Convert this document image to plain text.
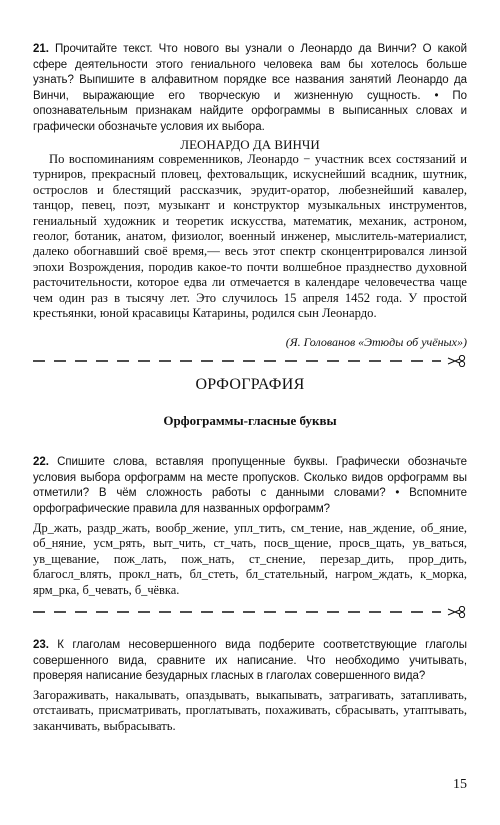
21. Прочитайте текст. Что нового вы узнали о Леонардо да Винчи? О какой сфере деятельности этого гениального человека вам бы хотелось больше узнать? Выпишите в алфавитном порядке все названия занятий Леонардо да Винчи, выражающие его творческую и жизненную сущность. • По опознавательным признакам найдите орфограммы в выписанных словах и графически обозначьте условия их выбора.
ЛЕОНАРДО ДА ВИНЧИ
По воспоминаниям современников, Леонардо − участник всех состязаний и турниров, прекрасный пловец, фехтовальщик, искуснейший всадник, шутник, острослов и блестящий рассказчик, эрудит-оратор, любезнейший кавалер, танцор, певец, поэт, музыкант и конструктор музыкальных инструментов, гениальный художник и теоретик искусства, математик, механик, астроном, геолог, ботаник, анатом, физиолог, военный инженер, мыслитель-материалист, далеко обогнавший своё время,— весь этот спектр сконцентрировался линзой эпохи Возрождения, породив какое-то почти волшебное празднество духовной расточительности, которое едва ли отмечается в календаре человечества чаще чем один раз в тысячу лет. Это случилось 15 апреля 1452 года. У простой крестьянки, юной красавицы Катарины, родился сын Леонардо.
(Я. Голованов «Этюды об учёных»)
ОРФОГРАФИЯ
Орфограммы-гласные буквы
22. Спишите слова, вставляя пропущенные буквы. Графически обозначьте условия выбора орфограмм на месте пропусков. Сколько видов орфограмм вы отметили? В чём сложность работы с данными словами? • Вспомните орфографические правила для названных орфограмм?
Др_жать, раздр_жать, вообр_жение, упл_тить, см_тение, нав_ждение, об_яние, об_няние, усм_рять, выт_чить, ст_чать, посв_щение, просв_щать, ув_ваться, ув_щевание, пож_лать, пож_нать, ст_снение, перезар_дить, прор_дить, благосл_влять, прокл_нать, бл_стеть, бл_стательный, нагром_ждать, к_морка, ярм_рка, б_чевать, б_чёвка.
23. К глаголам несовершенного вида подберите соответствующие глаголы совершенного вида, сравните их написание. Что необходимо учитывать, проверяя написание безударных гласных в глаголах совершенного вида?
Загораживать, накалывать, опаздывать, выкапывать, затрагивать, затапливать, отстаивать, присматривать, проглатывать, похаживать, сбрасывать, утаптывать, заканчивать, выбрасывать.
15
